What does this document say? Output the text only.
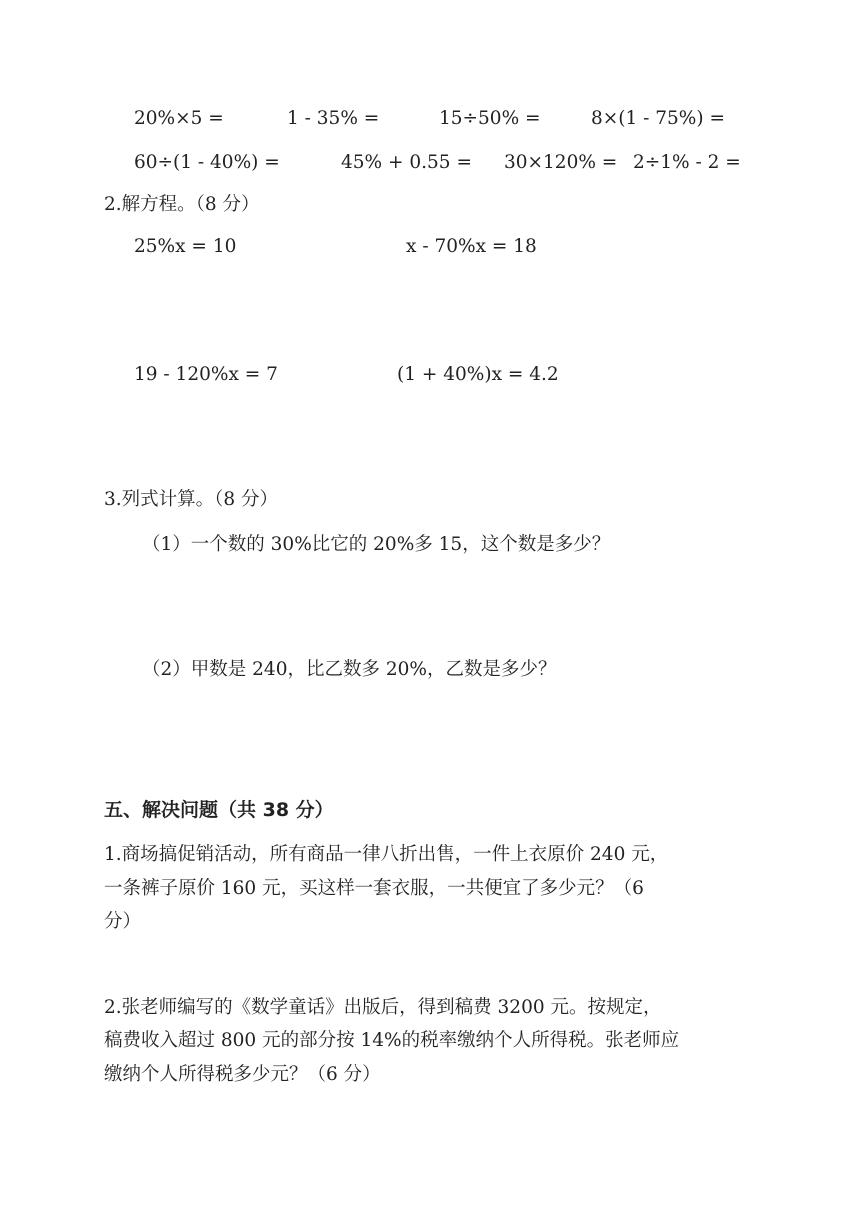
20%×5 =	1 - 35% =	15÷50% =	8×(1 - 75%) =
60÷(1 - 40%) =	45% + 0.55 = 30×120% = 2÷1% - 2 =
2.解方程。（8 分）
25%x = 10	x - 70%x = 18
19 - 120%x = 7	(1 + 40%)x = 4.2
3.列式计算。（8 分）
（1）一个数的 30%比它的 20%多 15，这个数是多少？
（2）甲数是 240，比乙数多 20%，乙数是多少？
五、解决问题（共 38 分）
1.商场搞促销活动，所有商品一律八折出售，一件上衣原价 240 元，
一条裤子原价 160 元，买这样一套衣服，一共便宜了多少元？（6
分）
2.张老师编写的《数学童话》出版后，得到稿费 3200 元。按规定，
稿费收入超过 800 元的部分按 14%的税率缴纳个人所得税。张老师应
缴纳个人所得税多少元？（6 分）
